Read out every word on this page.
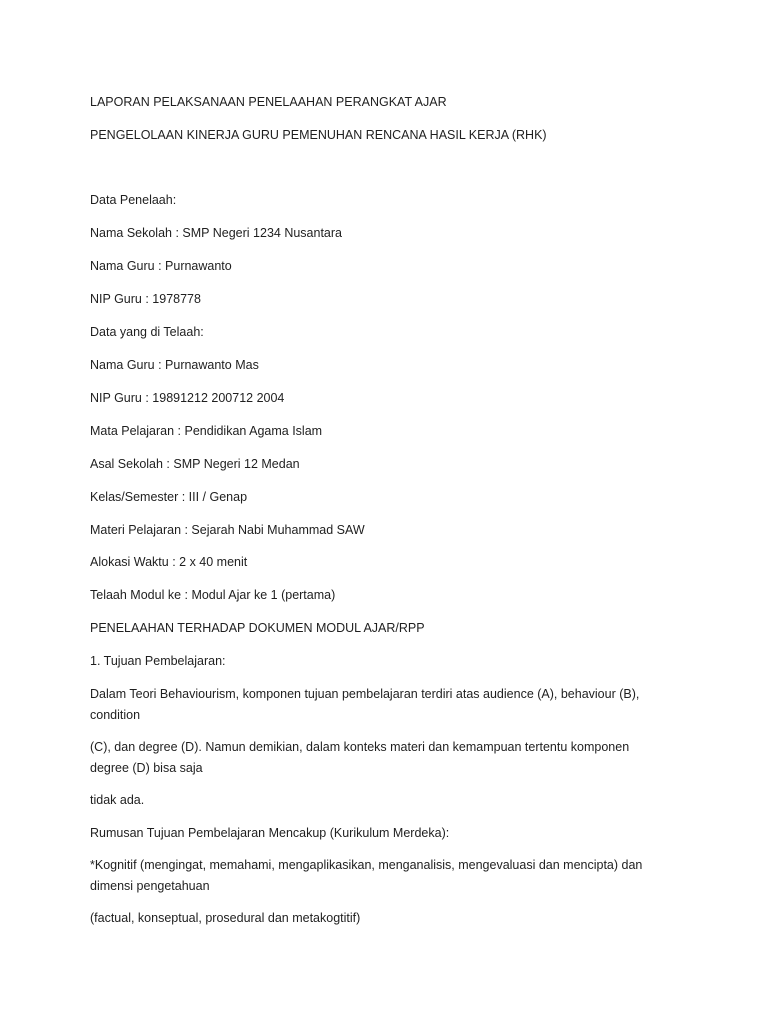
LAPORAN PELAKSANAAN PENELAAHAN PERANGKAT AJAR

PENGELOLAAN KINERJA GURU PEMENUHAN RENCANA HASIL KERJA (RHK)

Data Penelaah:

Nama Sekolah : SMP Negeri 1234 Nusantara

Nama Guru : Purnawanto

NIP Guru : 1978778

Data yang di Telaah:

Nama Guru : Purnawanto Mas

NIP Guru : 19891212 200712 2004

Mata Pelajaran : Pendidikan Agama Islam

Asal Sekolah : SMP Negeri 12 Medan

Kelas/Semester : III / Genap

Materi Pelajaran : Sejarah Nabi Muhammad SAW

Alokasi Waktu : 2 x 40 menit

Telaah Modul ke : Modul Ajar ke 1 (pertama)

PENELAAHAN TERHADAP DOKUMEN MODUL AJAR/RPP

1. Tujuan Pembelajaran:

Dalam Teori Behaviourism, komponen tujuan pembelajaran terdiri atas audience (A), behaviour (B), condition

(C), dan degree (D). Namun demikian, dalam konteks materi dan kemampuan tertentu komponen degree (D) bisa saja

tidak ada.

Rumusan Tujuan Pembelajaran Mencakup (Kurikulum Merdeka):

*Kognitif (mengingat, memahami, mengaplikasikan, menganalisis, mengevaluasi dan mencipta) dan dimensi pengetahuan

(factual, konseptual, prosedural dan metakogtitif)
